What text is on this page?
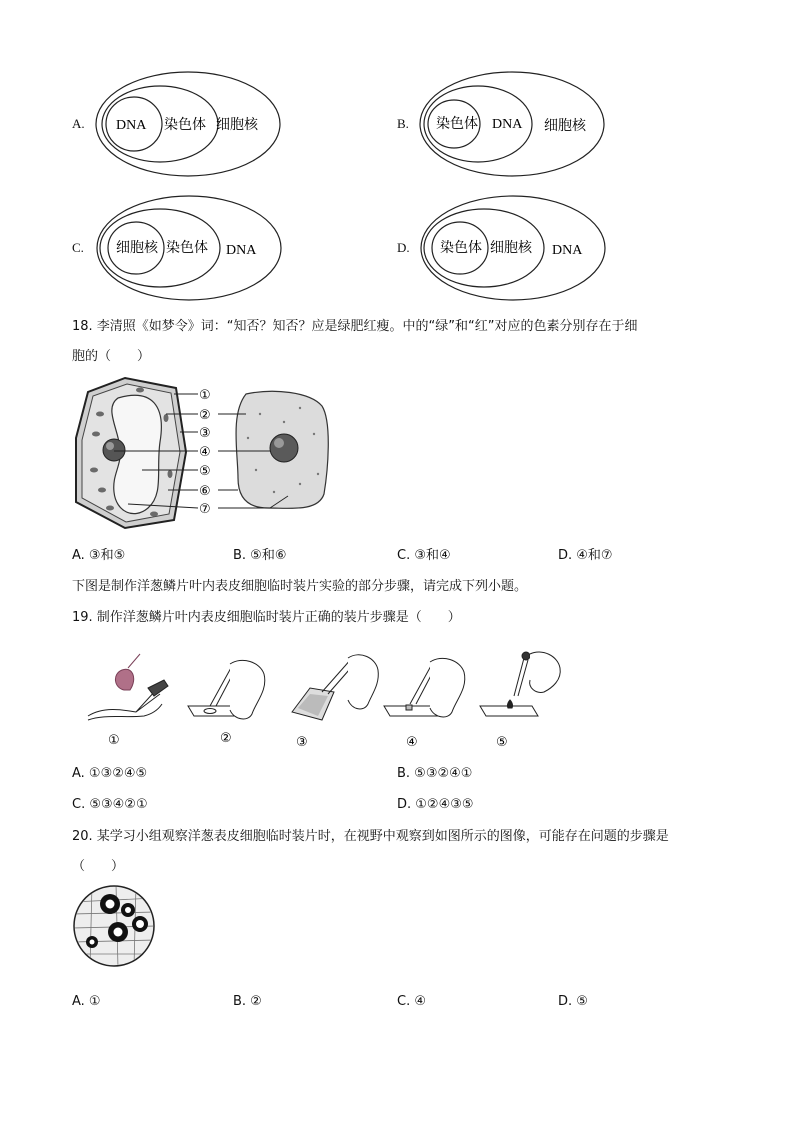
A. DNA 染色体 细胞核	B. 染色体 DNA 细胞核
C. 细胞核 染色体 DNA	D. 染色体 细胞核 DNA
18. 李清照《如梦令》词：“知否？知否？应是绿肥红瘦。中的“绿”和“红”对应的色素分别存在于细
胞的（　　）
①
②
③
④
⑤
⑥
⑦
A. ③和⑤	B. ⑤和⑥	C. ③和④	D. ④和⑦
下图是制作洋葱鳞片叶内表皮细胞临时装片实验的部分步骤，请完成下列小题。
19. 制作洋葱鳞片叶内表皮细胞临时装片正确的装片步骤是（　　）
①	②	③	④	⑤
A. ①③②④⑤	B. ⑤③②④①
C. ⑤③④②①	D. ①②④③⑤
20. 某学习小组观察洋葱表皮细胞临时装片时，在视野中观察到如图所示的图像，可能存在问题的步骤是
（　　）
A. ①	B. ②	C. ④	D. ⑤
